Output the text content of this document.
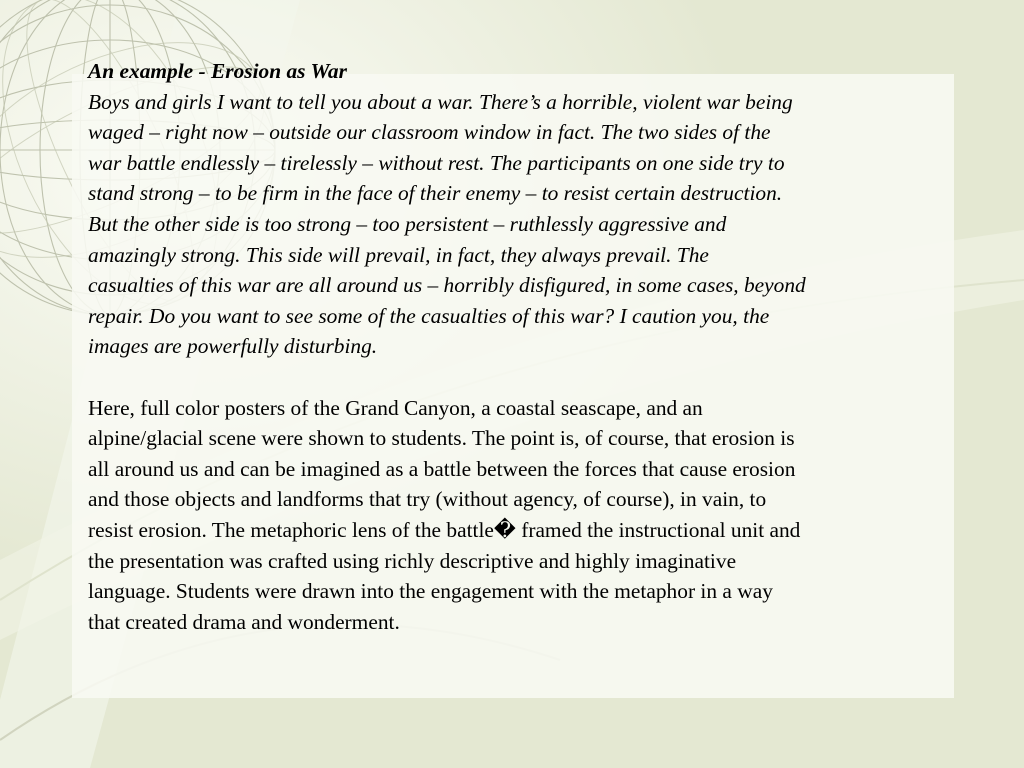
An example - Erosion as War

Boys and girls I want to tell you about a war. There’s a horrible, violent war being

waged – right now – outside our classroom window in fact. The two sides of the

war battle endlessly – tirelessly – without rest. The participants on one side try to

stand strong – to be firm in the face of their enemy – to resist certain destruction.

But the other side is too strong – too persistent – ruthlessly aggressive and

amazingly strong. This side will prevail, in fact, they always prevail. The

casualties of this war are all around us – horribly disfigured, in some cases, beyond

repair. Do you want to see some of the casualties of this war? I caution you, the

images are powerfully disturbing.

Here, full color posters of the Grand Canyon, a coastal seascape, and an

alpine/glacial scene were shown to students. The point is, of course, that erosion is

all around us and can be imagined as a battle between the forces that cause erosion

and those objects and landforms that try (without agency, of course), in vain, to

resist erosion. The metaphoric lens of the battle� framed the instructional unit and

the presentation was crafted using richly descriptive and highly imaginative

language. Students were drawn into the engagement with the metaphor in a way

that created drama and wonderment.
